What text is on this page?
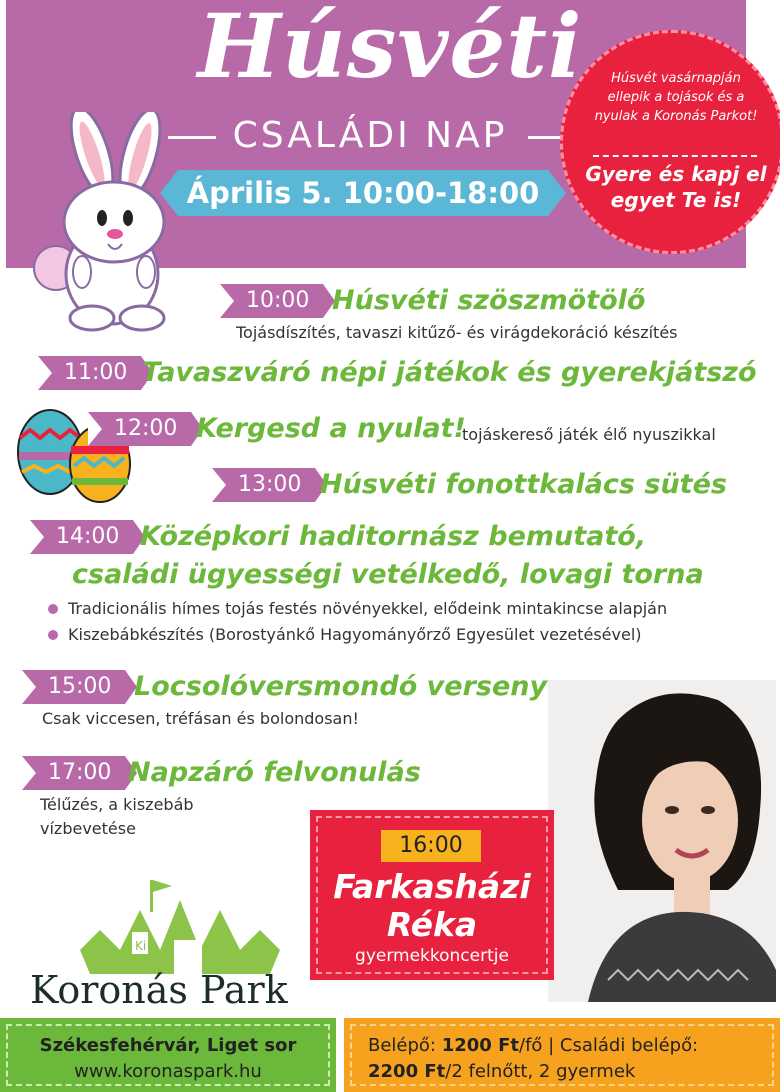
Húsvéti
CSALÁDI NAP
Április 5. 10:00-18:00
Húsvét vasárnapján ellepik a tojások és a nyulak a Koronás Parkot!
Gyere és kapj el egyet Te is!
10:00 Húsvéti szöszmötölő
Tojásdíszítés, tavaszi kitűző- és virágdekoráció készítés
11:00 Tavaszváró népi játékok és gyerekjátszó
12:00 Kergesd a nyulat!
tojáskereső játék élő nyuszikkal
13:00 Húsvéti fonottkalács sütés
14:00 Középkori haditornász bemutató,
családi ügyességi vetélkedő, lovagi torna
Tradicionális hímes tojás festés növényekkel, elődeink mintakincse alapján
Kiszebábkészítés (Borostyánkő Hagyományőrző Egyesület vezetésével)
15:00 Locsolóversmondó verseny
Csak viccesen, tréfásan és bolondosan!
17:00 Napzáró felvonulás
Télűzés, a kiszebáb
vízbevetése
16:00
Farkasházi
Réka
gyermekkoncertje
Ki
Koronás Park
Székesfehérvár, Liget sor
www.koronaspark.hu
Belépő: 1200 Ft/fő | Családi belépő:
2200 Ft/2 felnőtt, 2 gyermek
